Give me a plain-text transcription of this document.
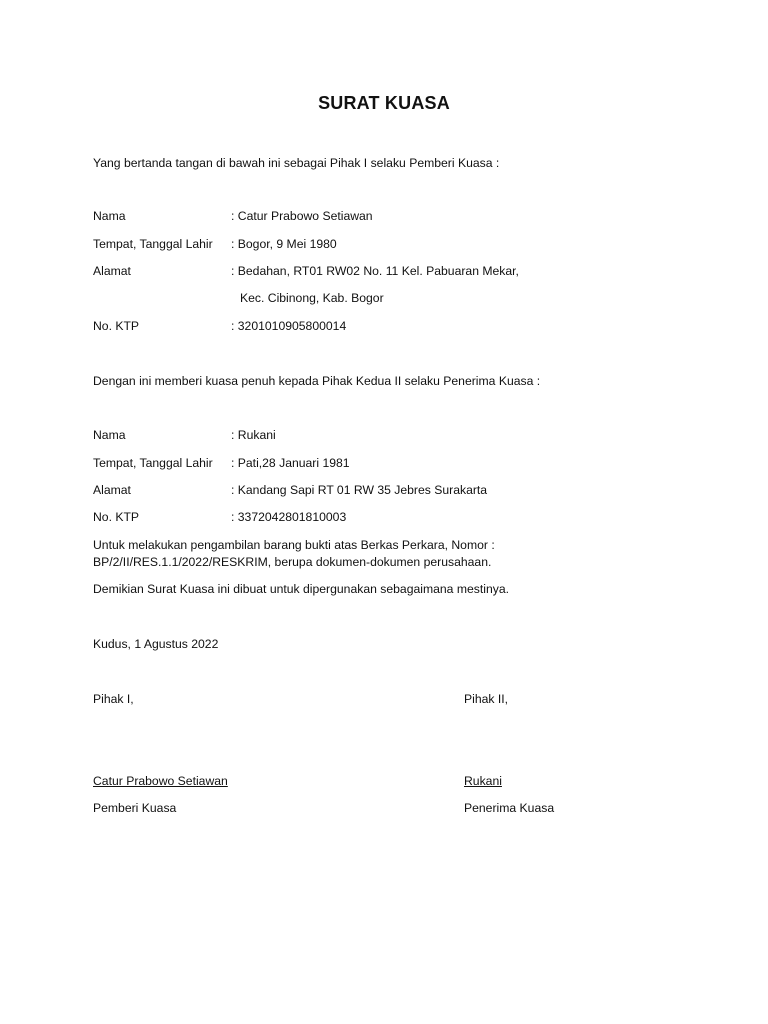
SURAT KUASA
Yang bertanda tangan di bawah ini sebagai Pihak I selaku Pemberi Kuasa :
Nama	: Catur Prabowo Setiawan
Tempat, Tanggal Lahir : Bogor, 9 Mei 1980
Alamat	: Bedahan, RT01 RW02 No. 11 Kel. Pabuaran Mekar,
Kec. Cibinong, Kab. Bogor
No. KTP	: 3201010905800014
Dengan ini memberi kuasa penuh kepada Pihak Kedua II selaku Penerima Kuasa :
Nama	: Rukani
Tempat, Tanggal Lahir : Pati,28 Januari 1981
Alamat	: Kandang Sapi RT 01 RW 35 Jebres Surakarta
No. KTP	: 3372042801810003
Untuk melakukan pengambilan barang bukti atas Berkas Perkara, Nomor :
BP/2/II/RES.1.1/2022/RESKRIM, berupa dokumen-dokumen perusahaan.
Demikian Surat Kuasa ini dibuat untuk dipergunakan sebagaimana mestinya.
Kudus, 1 Agustus 2022
Pihak I,	Pihak II,
Catur Prabowo Setiawan	Rukani
Pemberi Kuasa	Penerima Kuasa
